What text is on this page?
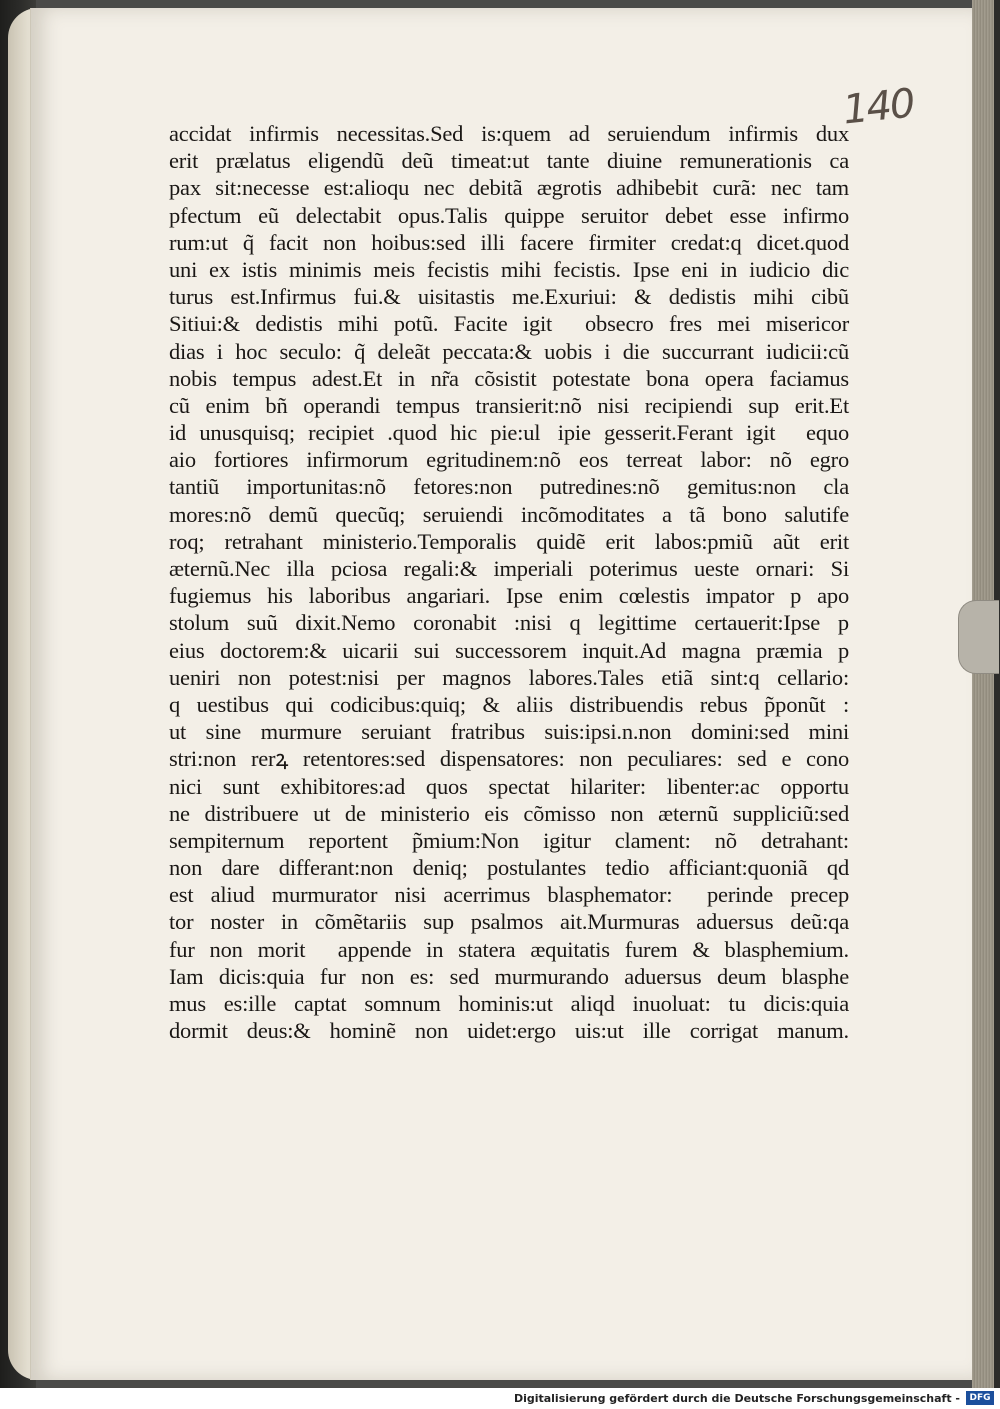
140
accidat infirmis necessitas.Sed is:quem ad seruiendum infirmis dux
erit prælatus eligendũ deũ timeat:ut tante diuine remunerationis ca
pax sit:necesse est:alioqu nec debitã ægrotis adhibebit curã: nec tam
pfectum eũ delectabit opus.Talis quippe seruitor debet esse infirmo
rum:ut q̃ facit non hoibus:sed illi facere firmiter credat:q dicet.quod
uni ex istis minimis meis fecistis mihi fecistis. Ipse eni in iudicio dic
turus est.Infirmus fui.& uisitastis me.Exuriui: & dedistis mihi cibũ
Sitiui:& dedistis mihi potũ. Facite igit᷑ obsecro fres mei misericor
dias i hoc seculo: q̃ deleãt peccata:& uobis i die succurrant iudicii:cũ
nobis tempus adest.Et in nr̃a cõsistit potestate bona opera faciamus
cũ enim bñ operandi tempus transierit:nõ nisi recipiendi sup erit.Et
id unusquisq; recipiet .quod hic pie:ul᷑ipie gesserit.Ferant igit᷑ equo
aio fortiores infirmorum egritudinem:nõ eos terreat labor: nõ egro
tantiũ importunitas:nõ fetores:non putredines:nõ gemitus:non cla
mores:nõ demũ quecũq; seruiendi incõmoditates a tã bono salutife
roq; retrahant ministerio.Temporalis quidẽ erit labos:pmiũ aũt erit
æternũ.Nec illa pciosa regali:& imperiali poterimus ueste ornari: Si
fugiemus his laboribus angariari. Ipse enim cœlestis impator p apo
stolum suũ dixit.Nemo coronabit᷑:nisi q legittime certauerit:Ipse p
eius doctorem:& uicarii sui successorem inquit.Ad magna præmia p
ueniri non potest:nisi per magnos labores.Tales etiã sint:q cellario:
q uestibus qui codicibus:quiq; & aliis distribuendis rebus p̃ponũt᷑:
ut sine murmure seruiant fratribus suis:ipsi.n.non domini:sed mini
stri:non rerꝝ retentores:sed dispensatores: non peculiares: sed e cono
nici sunt exhibitores:ad quos spectat hilariter: libenter:ac opportu
ne distribuere ut de ministerio eis cõmisso non æternũ suppliciũ:sed
sempiternum reportent p̃mium:Non igitur clament: nõ detrahant:
non dare differant:non deniq; postulantes tedio afficiant:quoniã qd
est aliud murmurator nisi acerrimus blasphemator:᷑ perinde precep
tor noster in cõmẽtariis sup psalmos ait.Murmuras aduersus deũ:qa
fur non morit᷑ appende in statera æquitatis furem & blasphemium.
Iam dicis:quia fur non es: sed murmurando aduersus deum blasphe
mus es:ille captat somnum hominis:ut aliqd inuoluat: tu dicis:quia
dormit deus:& hominẽ non uidet:ergo uis:ut ille corrigat manum.
Digitalisierung gefördert durch die Deutsche Forschungsgemeinschaft -	DFG
